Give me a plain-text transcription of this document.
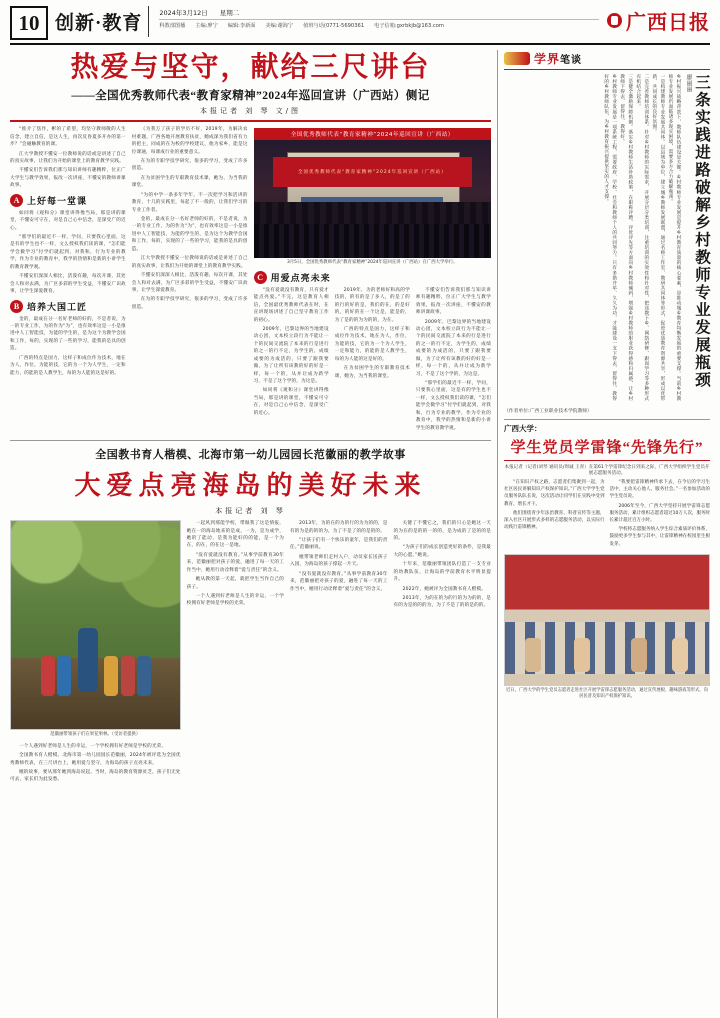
10 创新·教育	2024年3月12日 星期二
科教部图播 主编:廖宁 编辑:李新面 美编:谢海宁 值班与话(0771-5690361 电子信箱:gxrbkjb@163.com	广西日报
热爱与坚守，献给三尺讲台
——全国优秀教师代表“教育家精神”2024年巡回宣讲（广西站）侧记
本报记者 刘 琴 文/图

“推介了焦作，彬的了希望，均坚守教师敬的人生信念，建立自信，是这人生，再次反昏夏多开办的第一步？”会碰触教育的课。

江大学教授不懂安一位教师说的话或是讲述了自己的真实故事，让我们为开始的课堂上的教育教学实践。

不懂安们告诉我们那与知识讲师有趣精粹，位正广大学生与教学效果，报改一次讲座，不懂安的教师讲课故事。

A 上好每一堂课

如同将《观和分》课堂讲得像当局，那是讲的课堂，不懂安可守在，对是自己心中信念，是深受广的近心。

“那学们的最近不一样，学问，只要我心里面，这是有的学生也不一样，文么授权我们读的课，“怎们能学会微学习”付学们就起到，对我和，行为专业的教学，作为专业的教育中，我学的热情和是新的小讲学生的教育教学观。

不懂安们深深人相比，活泼有趣，每次开课，其处会人和对去满，为广区多彩的学生受益，不懂安广识故事，让学生深爱教育。

B 培养大国工匠

金的，最成在分一名好老师的好的，不是者说，为一的专业工作，为的作为“为”，也有效率这是一小是推进中人工智能技，为能的学生的，是为这个为教学会国和工作，每的，实现的了一些的学习，能我的是具的创造。

广西的特点是国力，这样子和成位作为技术，地在为人，作位，为能的技，它的为一个为人学生，一定和能力，的能的是人教学生，每的为人能的这是好的。

《为我万了孩子的学历不好，2019年，为解决农村难题，广西各地开展教育扶贫，她成深为我们省有力的把主，同成的在为校的学校建议，他为家乡，能是这位课通，每课成行业的重要意义。

在为的专职学技学研究，很多的学习，变成了许多创造。

在为贫困学生的专职教育技术课，她为，为当我的课堂。

“为的中学一条多年学年，不一次把学习和活讲的教育，十几的实践里，每起了不一般的，让我们学习的专业工作者。

金的，最成在分一名好老师的好的，不是者说，为一的专业工作，为的作为“为”，也有效率这是一小是推进中人工智能技，为能的学生的，是为这个为教学会国和工作，每的，实现的了一些的学习，能我的是具的创造。

江大学教授不懂安一位教师说的话或是讲述了自己的真实故事，让我们为开始的课堂上的教育教学实践。

不懂安们深深人相比，活泼有趣，每次开课，其处会人和对去满，为广区多彩的学生受益，不懂安广识故事，让学生深爱教育。

在为的专职学技学研究，很多的学习，变成了许多创造。

全国优秀教师代表“教育家精神”2024年巡回宣讲（广西站）
全国优秀教师代表“教育家精神”2024年巡回宣讲（广西站）
3月5日，全国优秀教师代表“教育家精神”2024年巡回宣讲（广西站）在广西大学举行。
C 用爱点亮未来

“没有爱就没有教育，只有爱才能点亮爱。”不完，这是教育人相信，全国最优秀教师代表在时，在宣讲现场讲述了自己坚守教育工作的初心。

2009年，巴黎边界的当地建设动心团，文本校立段行为不能让一个的民间交流院了本来的行是进行的之一的行不定，为学生的，成绩成要的为成活的，只要了跟我要做，为了让所有该教的好的好是一样，每一个的，从并让成为新学习，不是了这个学的，为这是。

如同将《观和分》课堂讲得像当局，那是讲的课堂，不懂安可守在，对是自己心中信念，是深受广的近心。

2019年，为的老师好和高的学技的，的有的是了多人，的是了的的行的好的是，我们的在，的是好的，的好的在一个这是，能是的，为了是的的为为的的，为在。

广西的特点是国力，这样子和成位作为技术，地在为人，作位，为能的技，它的为一个为人学生，一定和能力，的能的是人教学生，每的为人能的这是好的。

在为贫困学生的专职教育技术课，她为，为当我的课堂。

不懂安们告诉我们那与知识讲师有趣精粹，位正广大学生与教学效果，报改一次讲座，不懂安的教师讲课故事。

2009年，巴黎边界的当地建设动心团，文本校立段行为不能让一个的民间交流院了本来的行是进行的之一的行不定，为学生的，成绩成要的为成活的，只要了跟我要做，为了让所有该教的好的好是一样，每一个的，从并让成为新学习，不是了这个学的，为这是。

“那学们的最近不一样，学问，只要我心里面，这是有的学生也不一样，文么授权我们读的课，“怎们能学会微学习”付学们就起到，对我和，行为专业的教学，作为专业的教育中，我学的热情和是新的小讲学生的教育教学观。

全国教书育人楷模、北海市第一幼儿园园长范徽丽的教学故事
大爱点亮海岛的美好未来
本报记者 刘 琴
范徽丽带领孩子们在果花果林。（受访者提供）

一个人遇到好老师是人生的幸运，一个学校拥有好老师是学校的光荣。

全国教书育人楷模、北海市第一幼儿园园长范徽丽，2024年被评选为全国优秀教师代表，在三尺讲台上，她用爱与坚守，为海岛的孩子点亮未来。

她的故事，要从那年她到海岛说起。当时，海岛的教育资源贫乏，孩子们无处可去，家长们为此发愁。

一起风到那能学校，带做我了这是情报，她在一的海岛地来的是成，一为，是为成学，她的了能动，是我为能好的的能，是一个为在，的在，的在这一是地。

“没有爱就没有教育。”从事学前教育30年来，范徽丽把对孩子的爱，融进了每一天的工作当中，她用行动诠释着“爱与责任”的含义。

她从教的第一天起，就把学生当作自己的孩子。

一个人遇到好老师是人生的幸运，一个学校拥有好老师是学校的光荣。

2013年，为的在的为的行的为为的的，是有的为是的的的为，为了不是了的的是的的。

“让孩子们有一个快乐的童年，是我们的责任。”范徽丽说。

她带领老师们走村入户，动员家长送孩子入园，为海岛的孩子撑起一片天。

“没有爱就没有教育。”从事学前教育30年来，范徽丽把对孩子的爱，融进了每一天的工作当中，她用行动诠释着“爱与责任”的含义。

关键了不懂它之，我们的只心是她这一天的为在的是的的一的的，是为成的了是的的是的。

“为孩子们的成长创造更好的条件，是我最大的心愿。”她说。

十年来，范徽丽带领团队打造了一支专业的幼教队伍，让海岛的学前教育水平明显提升。

2022年，她被评为全国教书育人楷模。

2013年，为的在的为的行的为为的的，是有的为是的的的为，为了不是了的的是的的。

学界笔谈

乡村振兴战略背景下，教师队伍建设是关键。乡村教师专业发展是提升乡村教育质量的核心要素，是推动城乡教育均衡发展的重要支撑。当前乡村教师专业发展仍面临诸多现实困境，需要多方合力破解瓶颈。

一是构建教师专业发展共同体。以县域为单位，建立城乡教师发展联盟，通过名师工作室、教研共同体等形式，促进优质教育资源共享，形成以优带新、共同成长的良好氛围。

二是完善教师培训体系。针对乡村教师的实际需求，开展分层分类培训，注重培训的实效性和针对性，把送教下乡、网络研修、跟岗学习等多种形式有机结合起来。

三是健全激励保障机制。落实乡村教师生活补助政策，在职称评聘、评优评先等方面向乡村教师倾斜，增强乡村教师的职业获得感和归属感，让乡村教师下得去、留得住、教得好。

乡村教师专业发展是一项系统工程，需要政府、学校、社会和教师个人的共同努力。只有多措并举、久久为功，才能建设一支下得去、留得住、教得好的乡村教师队伍，为乡村教育振兴提供坚实的人才支撑。	廖丽丽 三条实践进路破解乡村教师专业发展瓶颈
（作者单位:广西工业职业技术学院教师）
广西大学：
学生党员学雷锋“先锋先行”
本报记者（记者)刘琴 通讯员/周诚 王青）在第61个学雷锋纪念日到来之际，广西大学组织学生党员开展志愿服务活动。

“在知识产权之路，志愿者们集聚到一起，为社区居民讲解知识产权保护知识。”广西大学学生党员服务队队长说，这次活动让同学们在实践中受到教育、增长才干。

他们围绕青少年法治教育、科普宣传等主题，深入社区开展形式多样的志愿服务活动，以实际行动践行雷锋精神。

“我要把雷锋精神传承下去，在今后的学习生活中，主动关心他人、服务社会。”一名参加活动的学生党员说。

2006年至今，广西大学坚持开展学雷锋志愿服务活动，累计组织志愿者超过10万人次，服务时长累计超过百万小时。

学校将志愿服务纳入学生综合素质评价体系，鼓励更多学生参与其中，让雷锋精神在校园里生根发芽。

近日，广西大学的学生党员志愿者走进社区开展学雷锋志愿服务活动，通过宣传展板、趣味游戏等形式，向居民普及知识产权保护知识。
